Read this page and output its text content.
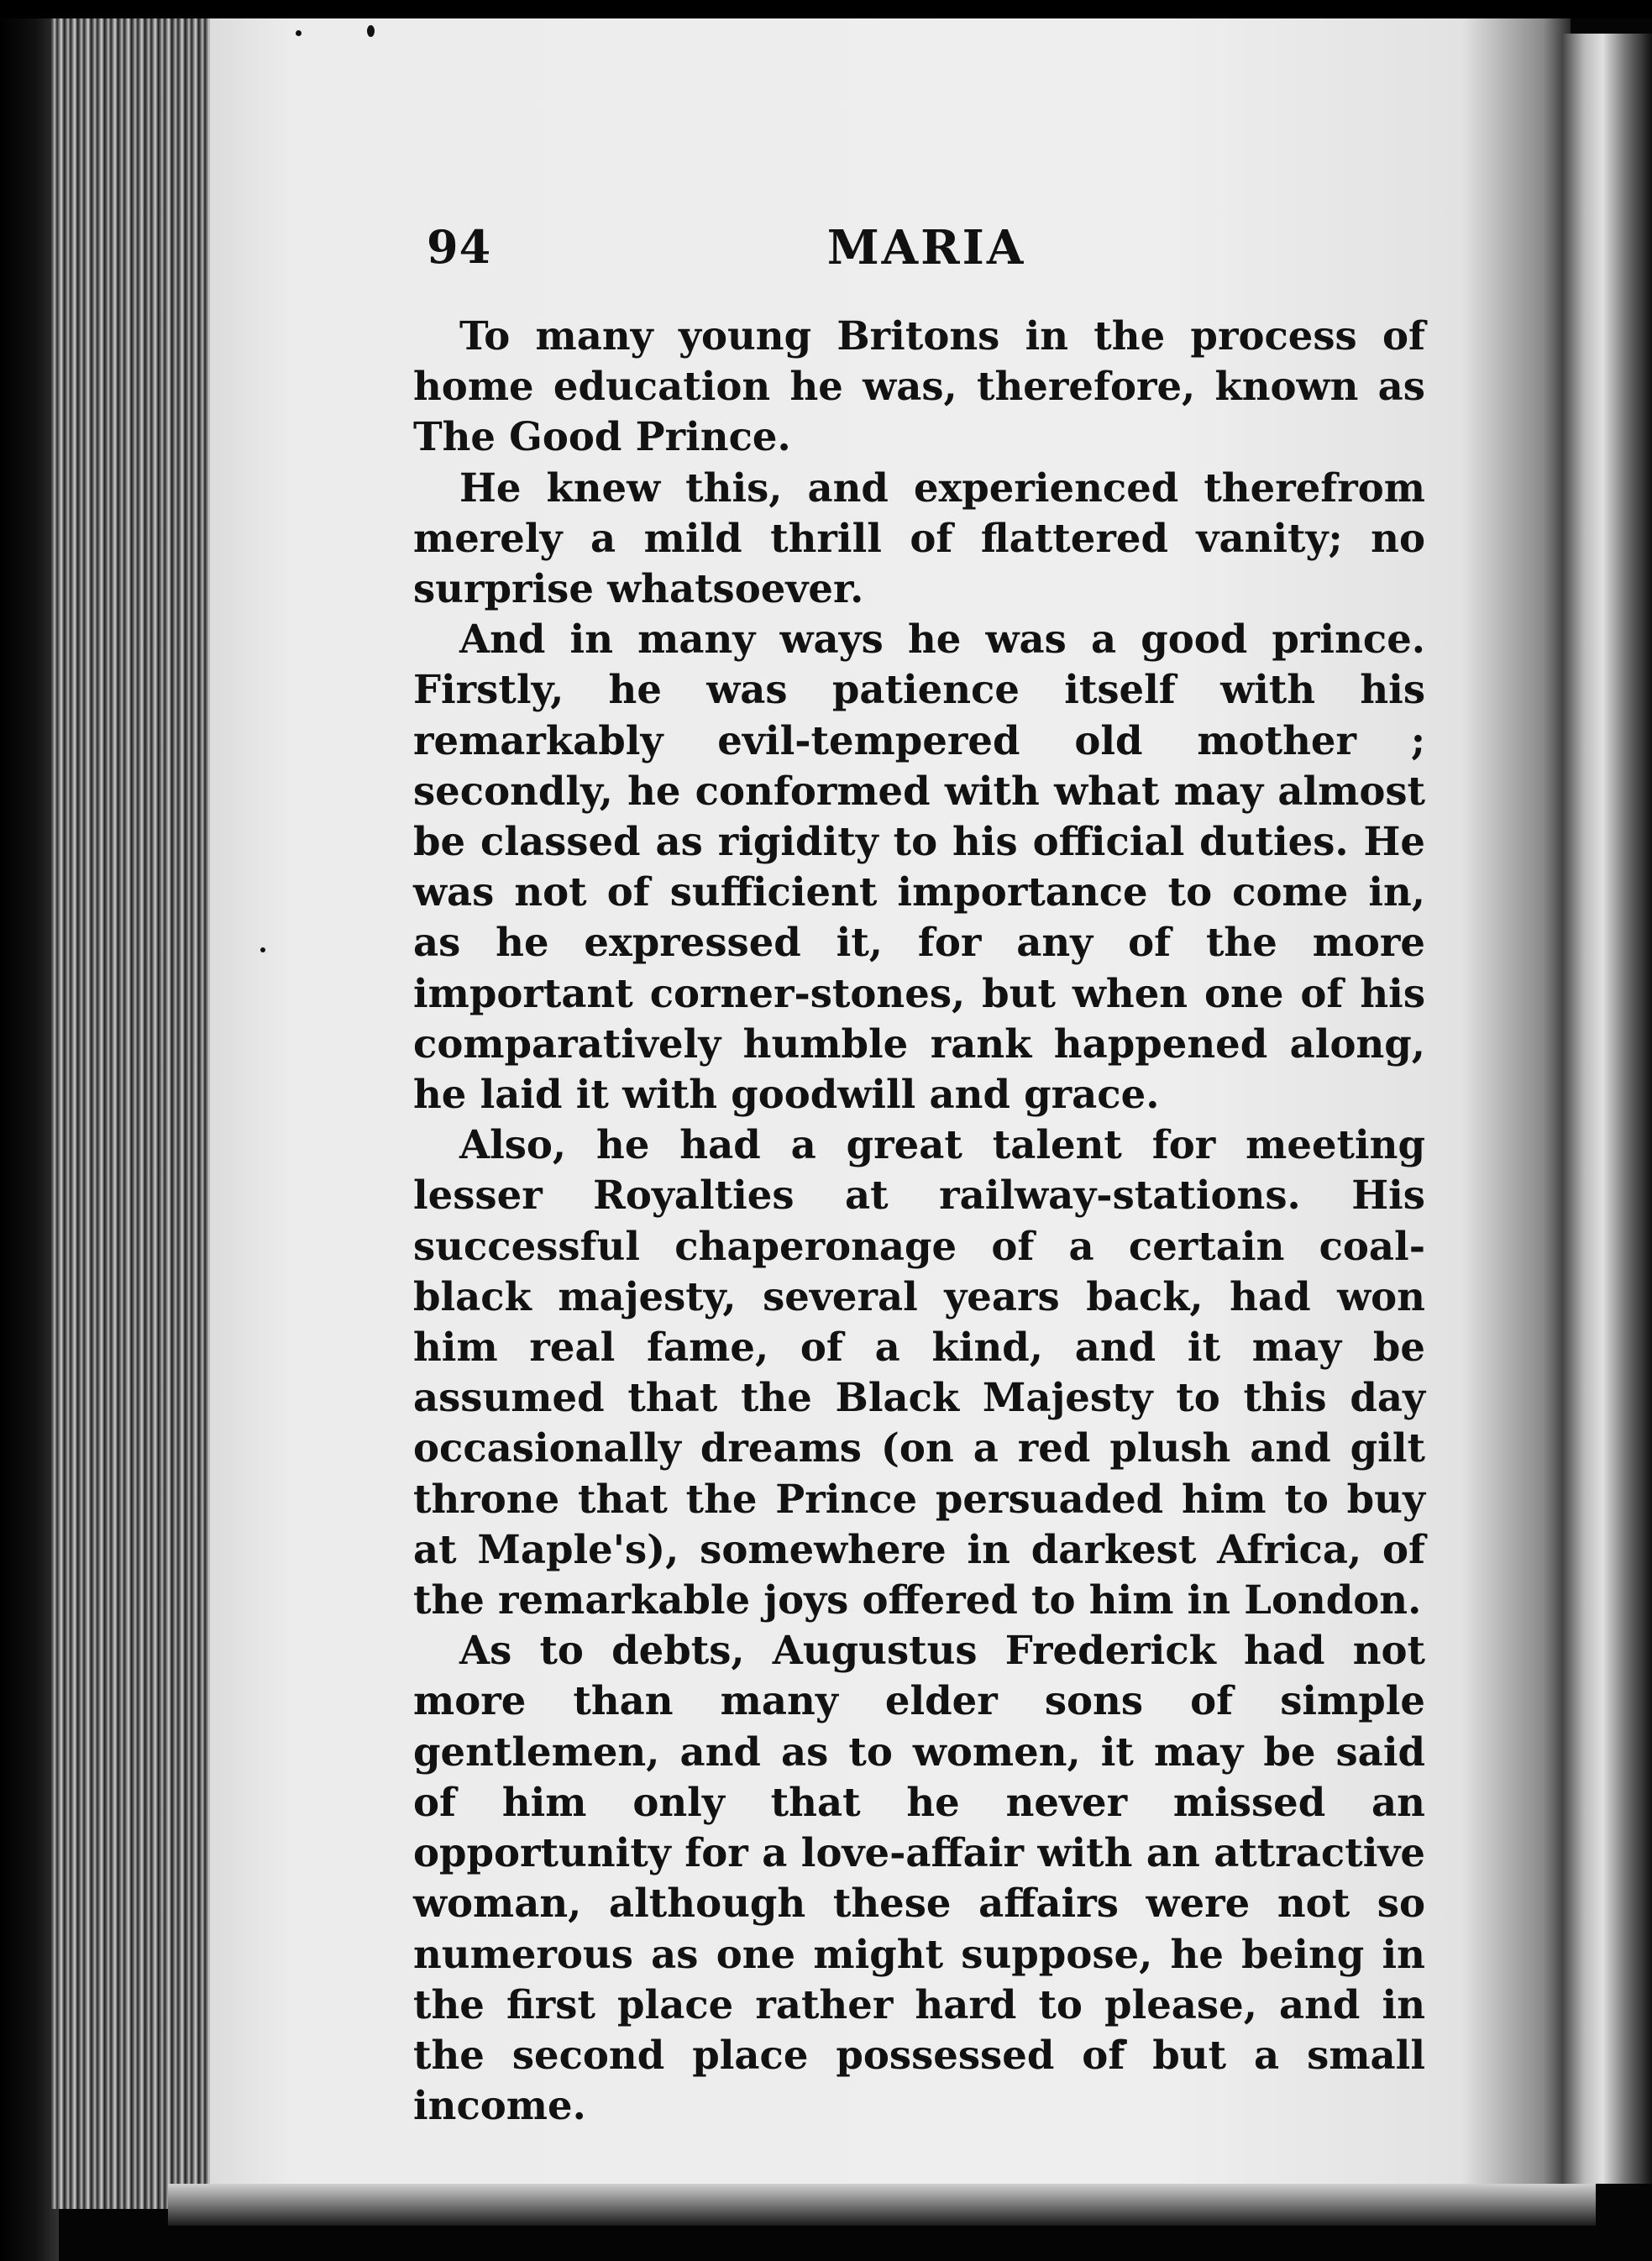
94	MARIA

To many young Britons in the process of home education he was, therefore, known as The Good Prince.

He knew this, and experienced therefrom merely a mild thrill of flattered vanity; no surprise whatsoever.

And in many ways he was a good prince. Firstly, he was patience itself with his remarkably evil-tempered old mother ; secondly, he conformed with what may almost be classed as rigidity to his official duties. He was not of sufficient importance to come in, as he expressed it, for any of the more important corner-stones, but when one of his comparatively humble rank happened along, he laid it with goodwill and grace.

Also, he had a great talent for meeting lesser Royalties at railway-stations. His successful chaperonage of a certain coal-black majesty, several years back, had won him real fame, of a kind, and it may be assumed that the Black Majesty to this day occasionally dreams (on a red plush and gilt throne that the Prince persuaded him to buy at Maple's), somewhere in darkest Africa, of the remarkable joys offered to him in London.

As to debts, Augustus Frederick had not more than many elder sons of simple gentlemen, and as to women, it may be said of him only that he never missed an opportunity for a love-affair with an attractive woman, although these affairs were not so numerous as one might suppose, he being in the first place rather hard to please, and in the second place possessed of but a small income.
